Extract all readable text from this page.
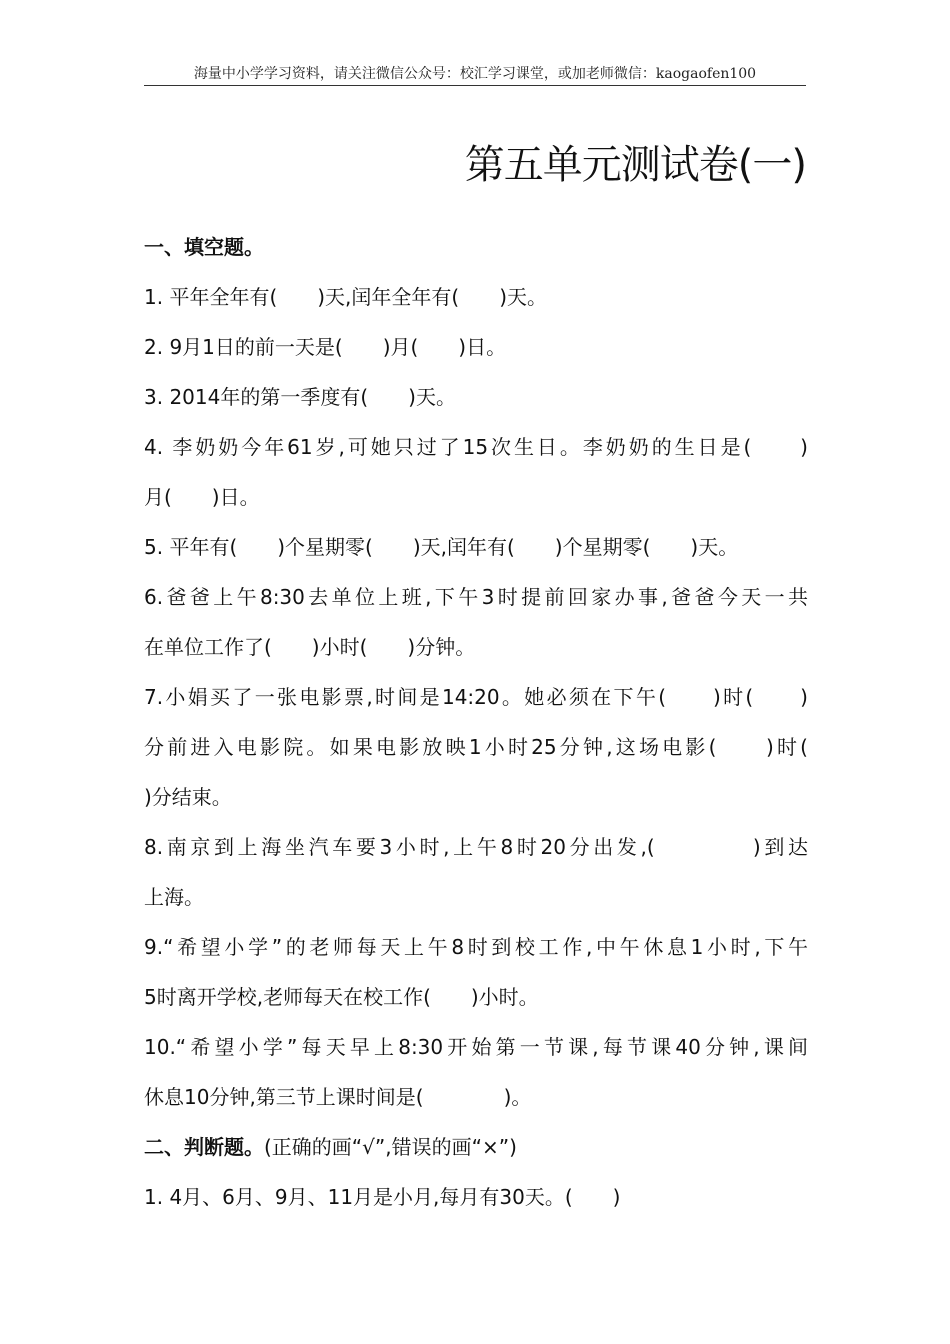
海量中小学学习资料，请关注微信公众号：校汇学习课堂，或加老师微信：kaogaofen100
第五单元测试卷(一)
一、填空题。
1. 平年全年有(　　)天,闰年全年有(　　)天。
2. 9月1日的前一天是(　　)月(　　)日。
3. 2014年的第一季度有(　　)天。
4. 李奶奶今年61岁,可她只过了15次生日。李奶奶的生日是(　　)
月(　　)日。
5. 平年有(　　)个星期零(　　)天,闰年有(　　)个星期零(　　)天。
6.爸爸上午8:30去单位上班,下午3时提前回家办事,爸爸今天一共
在单位工作了(　　)小时(　　)分钟。
7.小娟买了一张电影票,时间是14:20。她必须在下午(　　)时(　　)
分前进入电影院。如果电影放映1小时25分钟,这场电影(　　)时(
)分结束。
8.南京到上海坐汽车要3小时,上午8时20分出发,(　　　　)到达
上海。
9.“希望小学”的老师每天上午8时到校工作,中午休息1小时,下午
5时离开学校,老师每天在校工作(　　)小时。
10.“希望小学”每天早上8:30开始第一节课,每节课40分钟,课间
休息10分钟,第三节上课时间是(　　　　)。
二、判断题。(正确的画“√”,错误的画“×”)
1. 4月、6月、9月、11月是小月,每月有30天。(　　)
